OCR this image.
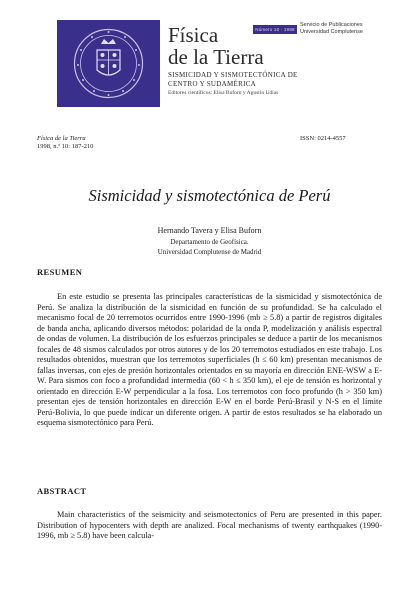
Física
de la Tierra
Número 10 · 1998
Servicio de Publicaciones
Universidad Complutense
SISMICIDAD Y SISMOTECTÓNICA DE
CENTRO Y SUDAMÉRICA
Editores científicos: Elisa Buforn y Agustín Udías
Física de la Tierra
1998, n.º 10: 187-210
ISSN: 0214-4557
Sismicidad y sismotectónica de Perú
Hernando Tavera y Elisa Buforn
Departamento de Geofísica.
Universidad Complutense de Madrid
RESUMEN
En este estudio se presenta las principales características de la sismicidad y sismotectónica de Perú. Se analiza la distribución de la sismicidad en función de su profundidad. Se ha calculado el mecanismo focal de 20 terremotos ocurridos entre 1990-1996 (mb ≥ 5.8) a partir de registros digitales de banda ancha, aplicando diversos métodos: polaridad de la onda P, modelización y análisis espectral de ondas de volumen. La distribución de los esfuerzos principales se deduce a partir de los mecanismos focales de 48 sismos calculados por otros autores y de los 20 terremotos estudiados en este trabajo. Los resultados obtenidos, muestran que los terremotos superficiales (h ≤ 60 km) presentan mecanismos de fallas inversas, con ejes de presión horizontales orientados en su mayoría en dirección ENE-WSW a E-W. Para sismos con foco a profundidad intermedia (60 < h ≤ 350 km), el eje de tensión es horizontal y orientado en dirección E-W perpendicular a la fosa. Los terremotos con foco profundo (h > 350 km) presentan ejes de tensión horizontales en dirección E-W en el borde Perú-Brasil y N-S en el límite Perú-Bolivia, lo que puede indicar un diferente origen. A partir de estos resultados se ha elaborado un esquema sismotectónico para Perú.
ABSTRACT
Main characteristics of the seismicity and seismotectonics of Peru are presented in this paper. Distribution of hypocenters with depth are analized. Focal mechanisms of twenty earthquakes (1990-1996, mb ≥ 5.8) have been calcula-
